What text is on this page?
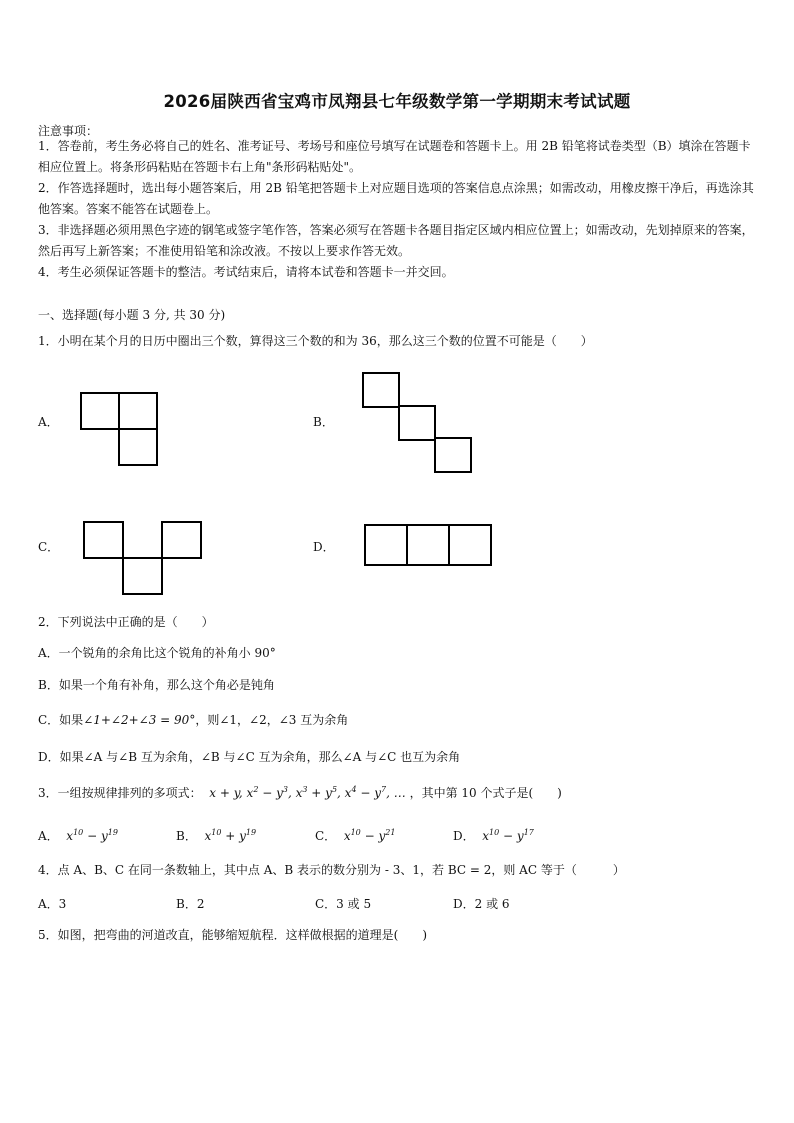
2026届陕西省宝鸡市凤翔县七年级数学第一学期期末考试试题
注意事项：
1．答卷前，考生务必将自己的姓名、准考证号、考场号和座位号填写在试题卷和答题卡上。用 2B 铅笔将试卷类型（B）填涂在答题卡相应位置上。将条形码粘贴在答题卡右上角"条形码粘贴处"。
2．作答选择题时，选出每小题答案后，用 2B 铅笔把答题卡上对应题目选项的答案信息点涂黑；如需改动，用橡皮擦干净后，再选涂其他答案。答案不能答在试题卷上。
3．非选择题必须用黑色字迹的钢笔或签字笔作答，答案必须写在答题卡各题目指定区域内相应位置上；如需改动，先划掉原来的答案，然后再写上新答案；不准使用铅笔和涂改液。不按以上要求作答无效。
4．考生必须保证答题卡的整洁。考试结束后，请将本试卷和答题卡一并交回。
一、选择题(每小题 3 分, 共 30 分)
1．小明在某个月的日历中圈出三个数，算得这三个数的和为 36，那么这三个数的位置不可能是（　　）
A．	B．
C．	D．
2．下列说法中正确的是（　　）
A．一个锐角的余角比这个锐角的补角小 90°
B．如果一个角有补角，那么这个角必是钝角
C．如果∠1+∠2+∠3 = 90°，则∠1，∠2，∠3 互为余角
D．如果∠A 与∠B 互为余角，∠B 与∠C 互为余角，那么∠A 与∠C 也互为余角
3．一组按规律排列的多项式：  x + y, $x^2 - y^3$, $x^3 + y^5$, $x^4 - y^7$, … ，其中第 10 个式子是(　　)
A．  $x^{10} - y^{19}$	B．  $x^{10} + y^{19}$	C．  $x^{10} - y^{21}$	D．  $x^{10} - y^{17}$
4．点 A、B、C 在同一条数轴上，其中点 A、B 表示的数分别为 - 3、1，若 BC = 2，则 AC 等于（　　　）
A．3	B．2	C．3 或 5	D．2 或 6
5．如图，把弯曲的河道改直，能够缩短航程．这样做根据的道理是(　　)
